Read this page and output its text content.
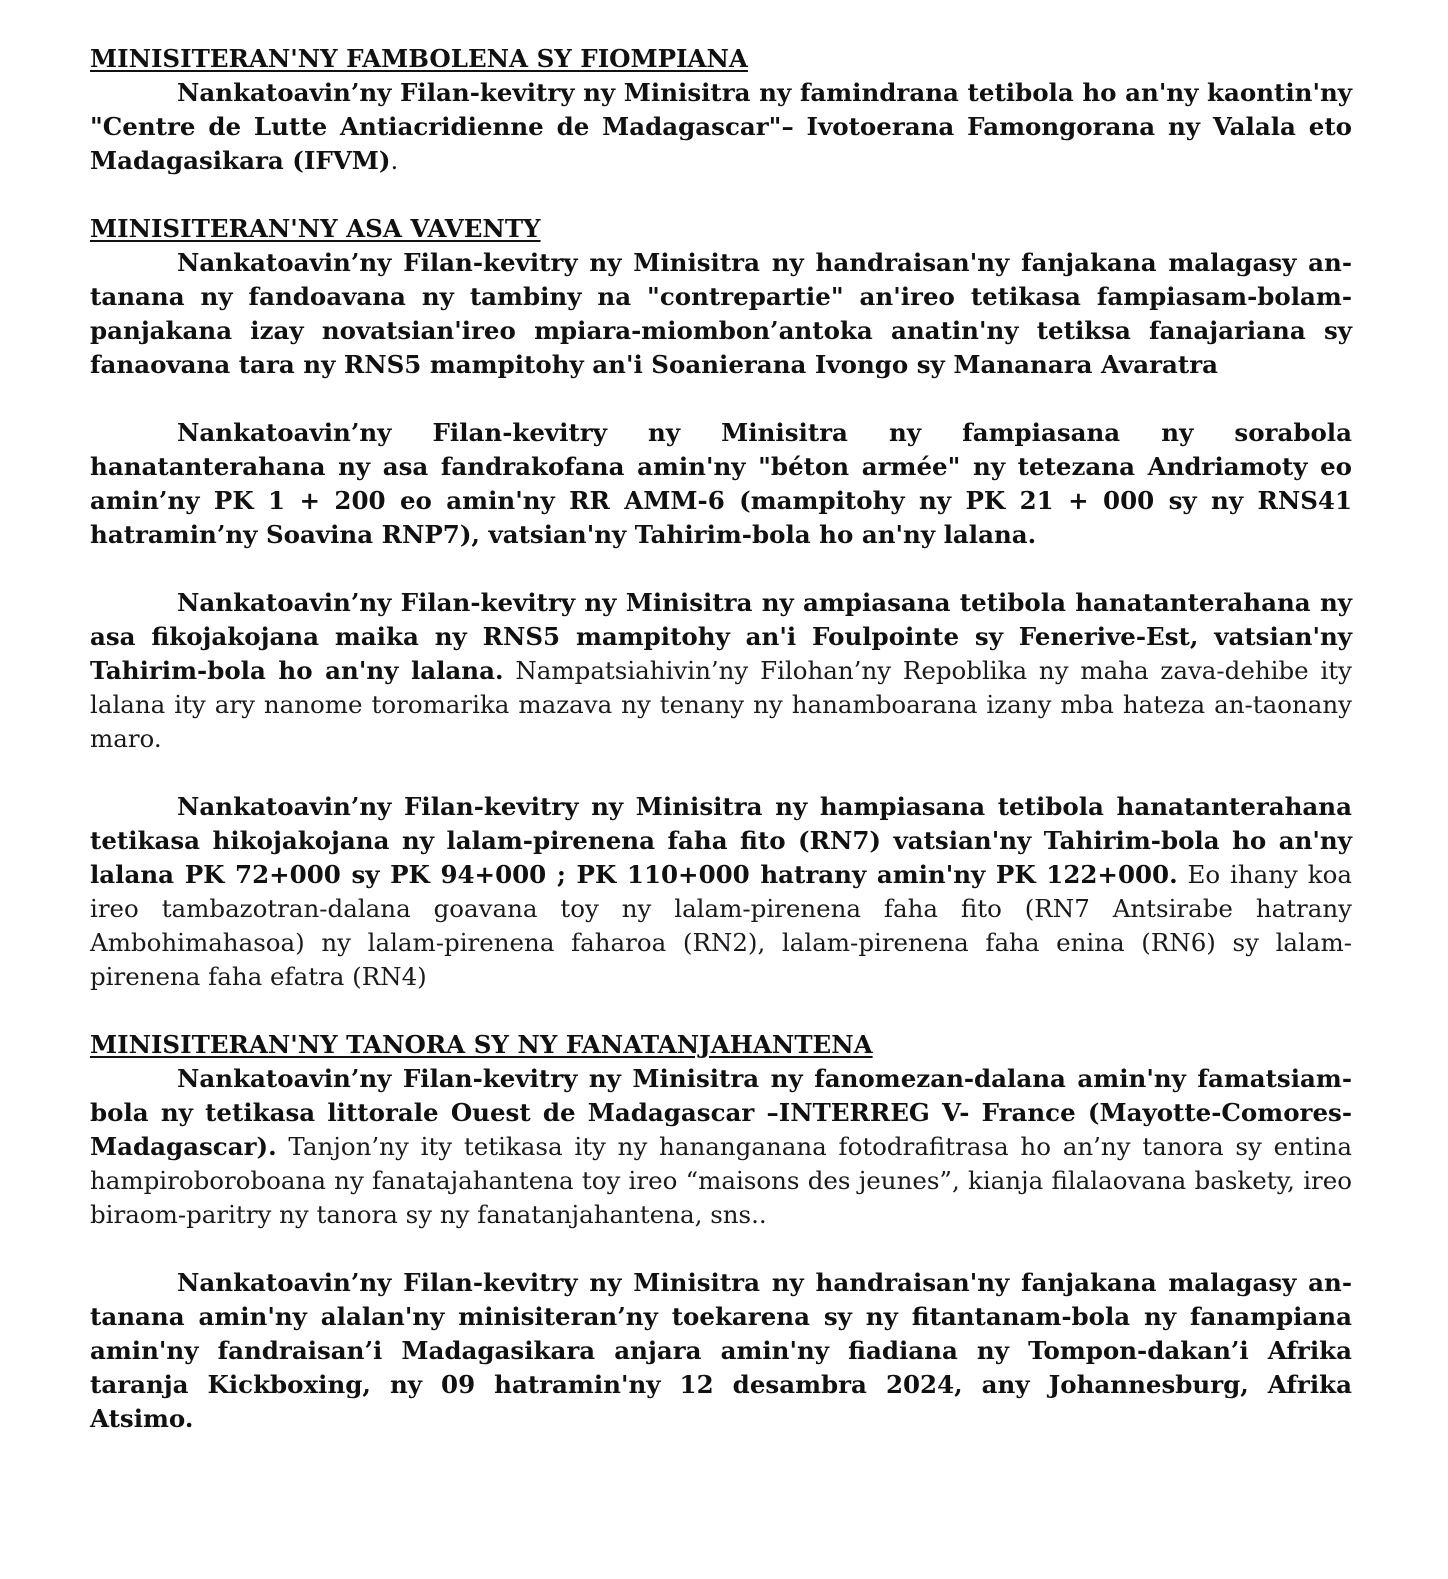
MINISITERAN'NY FAMBOLENA SY FIOMPIANA

Nankatoavin’ny Filan-kevitry ny Minisitra ny famindrana tetibola ho an'ny kaontin'ny "Centre de Lutte Antiacridienne de Madagascar"– Ivotoerana Famongorana ny Valala eto Madagasikara (IFVM).

MINISITERAN'NY ASA VAVENTY

Nankatoavin’ny Filan-kevitry ny Minisitra ny handraisan'ny fanjakana malagasy an-tanana ny fandoavana ny tambiny na "contrepartie" an'ireo tetikasa fampiasam-bolam-panjakana izay novatsian'ireo mpiara-miombon’antoka anatin'ny tetiksa fanajariana sy fanaovana tara ny RNS5 mampitohy an'i Soanierana Ivongo sy Mananara Avaratra

Nankatoavin’ny Filan-kevitry ny Minisitra ny fampiasana ny sorabola hanatanterahana ny asa fandrakofana amin'ny "béton armée" ny tetezana Andriamoty eo amin’ny PK 1 + 200 eo amin'ny RR AMM-6 (mampitohy ny PK 21 + 000 sy ny RNS41 hatramin’ny Soavina RNP7), vatsian'ny Tahirim-bola ho an'ny lalana.

Nankatoavin’ny Filan-kevitry ny Minisitra ny ampiasana tetibola hanatanterahana ny asa fikojakojana maika ny RNS5 mampitohy an'i Foulpointe sy Fenerive-Est, vatsian'ny Tahirim-bola ho an'ny lalana. Nampatsiahivin’ny Filohan’ny Repoblika ny maha zava-dehibe ity lalana ity ary nanome toromarika mazava ny tenany ny hanamboarana izany mba hateza an-taonany maro.

Nankatoavin’ny Filan-kevitry ny Minisitra ny hampiasana tetibola hanatanterahana tetikasa hikojakojana ny lalam-pirenena faha fito (RN7) vatsian'ny Tahirim-bola ho an'ny lalana PK 72+000 sy PK 94+000 ; PK 110+000 hatrany amin'ny PK 122+000. Eo ihany koa ireo tambazotran-dalana goavana toy ny lalam-pirenena faha fito (RN7 Antsirabe hatrany Ambohimahasoa) ny lalam-pirenena faharoa (RN2), lalam-pirenena faha enina (RN6) sy lalam-pirenena faha efatra (RN4)

MINISITERAN'NY TANORA SY NY FANATANJAHANTENA

Nankatoavin’ny Filan-kevitry ny Minisitra ny fanomezan-dalana amin'ny famatsiam-bola ny tetikasa littorale Ouest de Madagascar –INTERREG V- France (Mayotte-Comores-Madagascar). Tanjon’ny ity tetikasa ity ny hananganana fotodrafitrasa ho an’ny tanora sy entina hampiroboroboana ny fanatajahantena toy ireo “maisons des jeunes”, kianja filalaovana baskety, ireo biraom-paritry ny tanora sy ny fanatanjahantena, sns..

Nankatoavin’ny Filan-kevitry ny Minisitra ny handraisan'ny fanjakana malagasy an-tanana amin'ny alalan'ny minisiteran’ny toekarena sy ny fitantanam-bola ny fanampiana amin'ny fandraisan’i Madagasikara anjara amin'ny fiadiana ny Tompon-dakan’i Afrika taranja Kickboxing, ny 09 hatramin'ny 12 desambra 2024, any Johannesburg, Afrika Atsimo.
